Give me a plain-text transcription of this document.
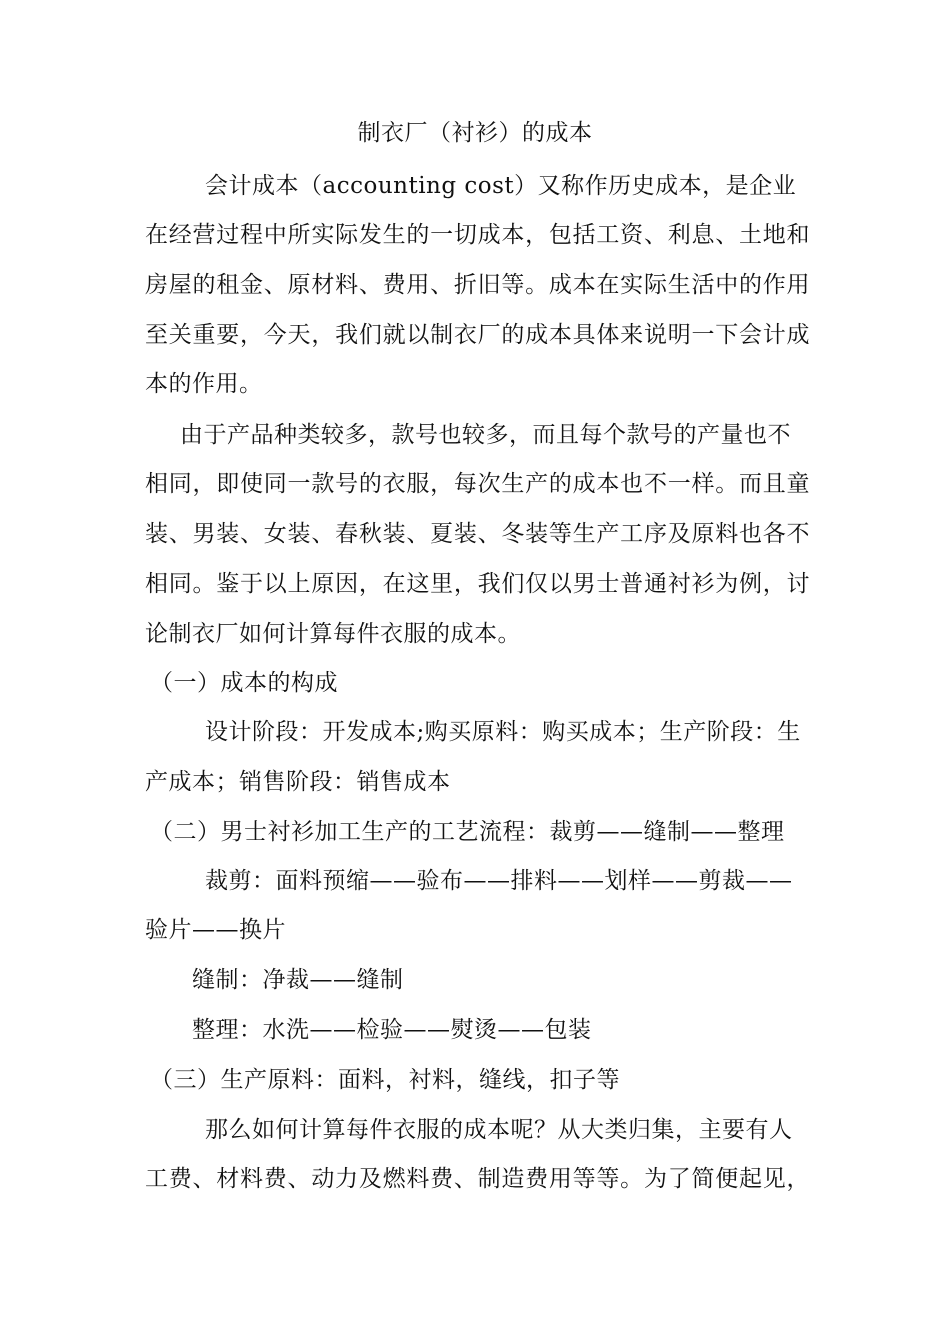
制衣厂（衬衫）的成本
会计成本（accounting cost）又称作历史成本，是企业
在经营过程中所实际发生的一切成本，包括工资、利息、土地和
房屋的租金、原材料、费用、折旧等。成本在实际生活中的作用
至关重要，今天，我们就以制衣厂的成本具体来说明一下会计成
本的作用。
由于产品种类较多，款号也较多，而且每个款号的产量也不
相同，即使同一款号的衣服，每次生产的成本也不一样。而且童
装、男装、女装、春秋装、夏装、冬装等生产工序及原料也各不
相同。鉴于以上原因，在这里，我们仅以男士普通衬衫为例，讨
论制衣厂如何计算每件衣服的成本。
（一）成本的构成
设计阶段：开发成本;购买原料：购买成本；生产阶段：生
产成本；销售阶段：销售成本
（二）男士衬衫加工生产的工艺流程：裁剪——缝制——整理
裁剪：面料预缩——验布——排料——划样——剪裁——
验片——换片
缝制：净裁——缝制
整理：水洗——检验——熨烫——包装
（三）生产原料：面料，衬料，缝线，扣子等
那么如何计算每件衣服的成本呢？从大类归集，主要有人
工费、材料费、动力及燃料费、制造费用等等。为了简便起见，
